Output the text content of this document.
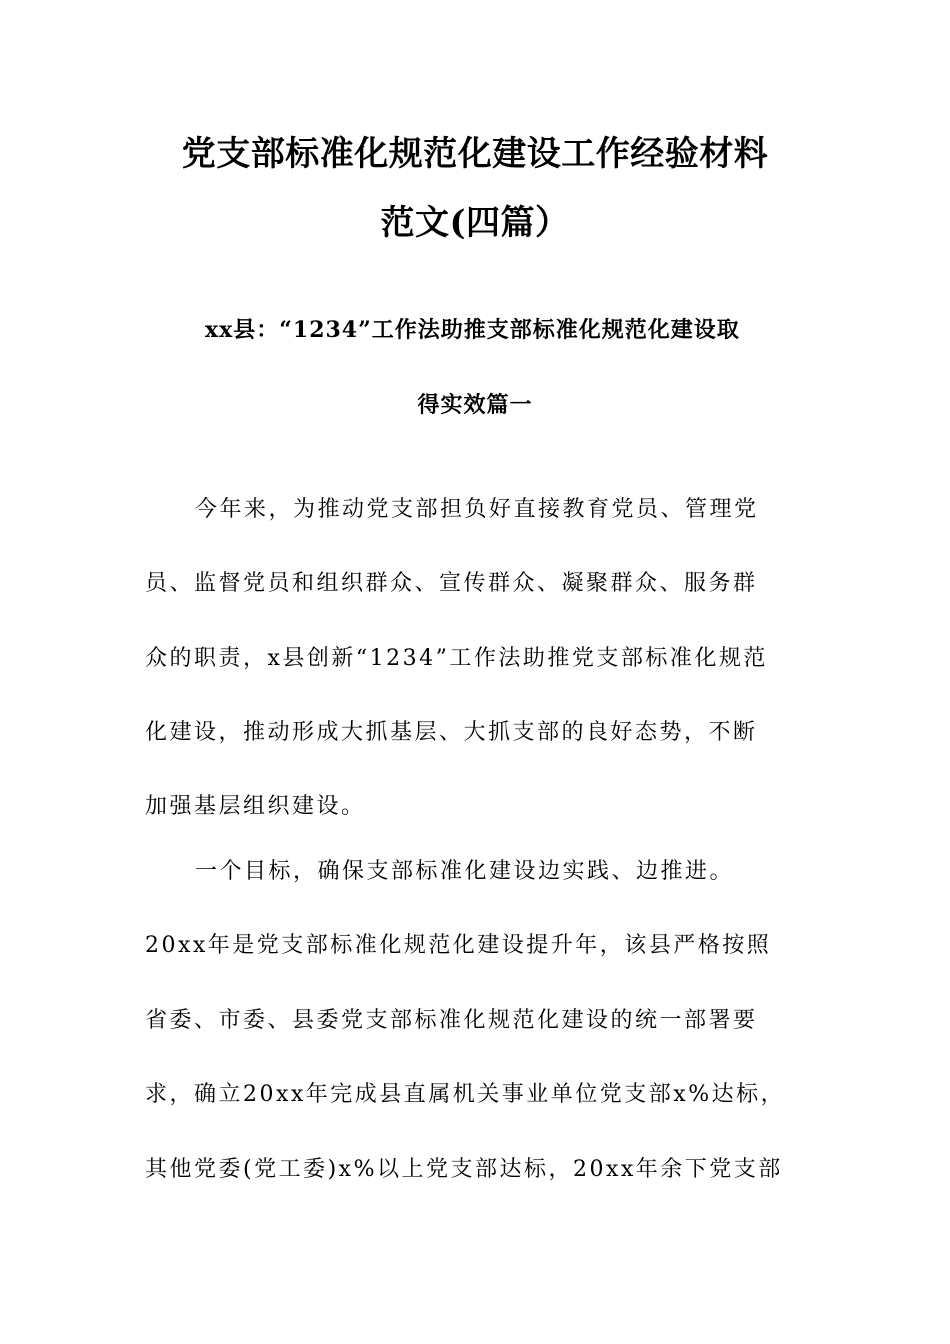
党支部标准化规范化建设工作经验材料
范文(四篇）
xx县：“1234”工作法助推支部标准化规范化建设取
得实效篇一
今年来，为推动党支部担负好直接教育党员、管理党
员、监督党员和组织群众、宣传群众、凝聚群众、服务群
众的职责，x县创新“1234”工作法助推党支部标准化规范
化建设，推动形成大抓基层、大抓支部的良好态势，不断
加强基层组织建设。
一个目标，确保支部标准化建设边实践、边推进。
20xx年是党支部标准化规范化建设提升年，该县严格按照
省委、市委、县委党支部标准化规范化建设的统一部署要
求，确立20xx年完成县直属机关事业单位党支部x%达标，
其他党委(党工委)x%以上党支部达标，20xx年余下党支部
